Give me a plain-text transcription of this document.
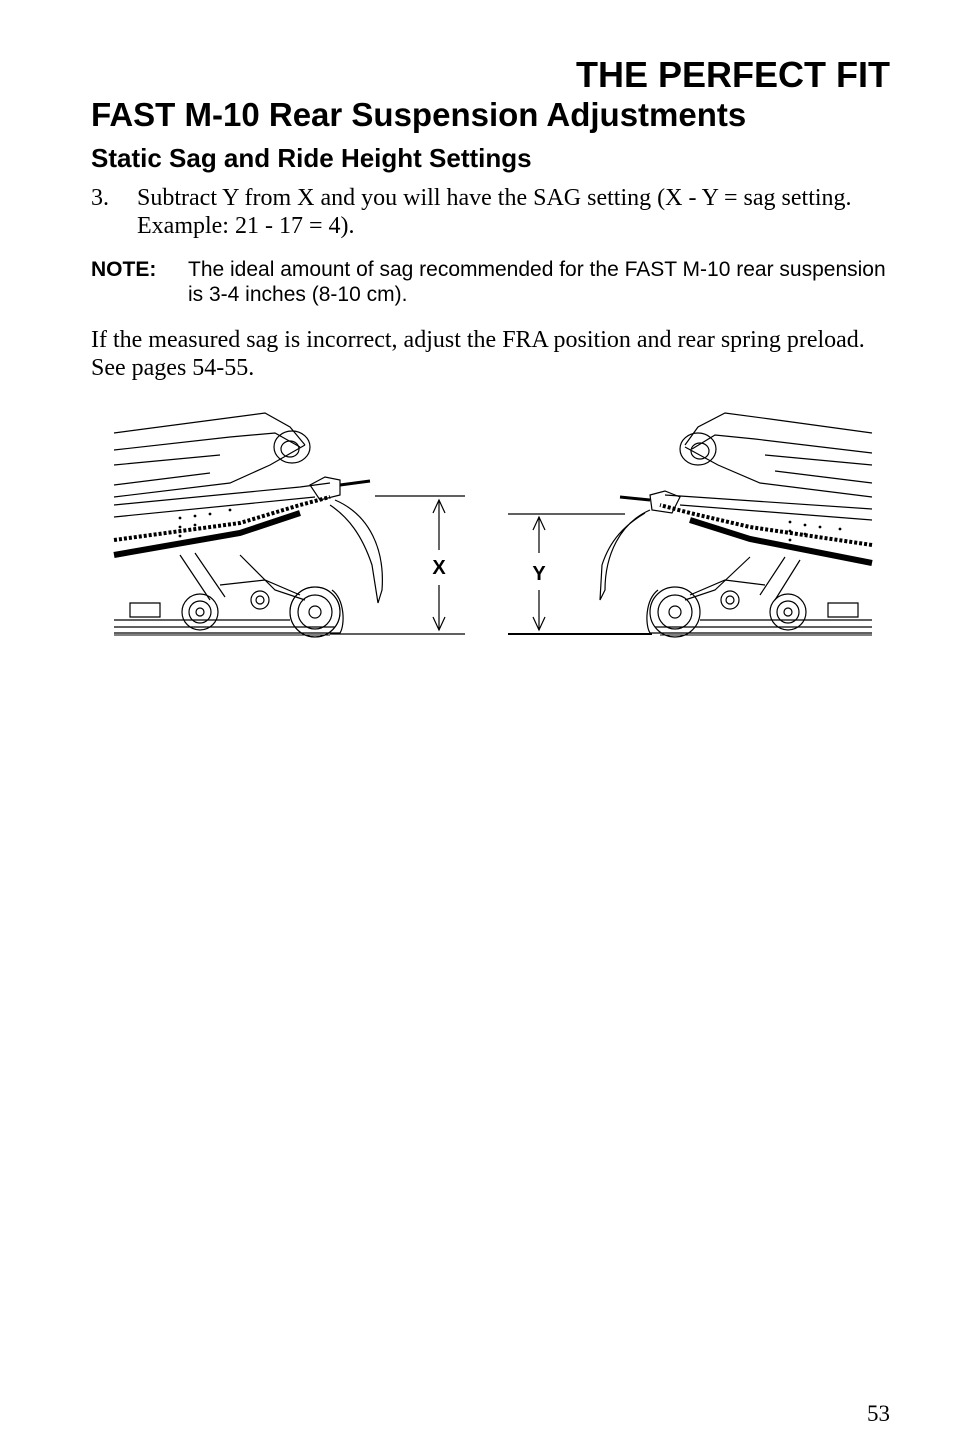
THE PERFECT FIT
FAST M-10 Rear Suspension Adjustments
Static Sag and Ride Height Settings
3. Subtract Y from X and you will have the SAG setting (X - Y = sag setting. Example: 21 - 17 = 4).
NOTE: The ideal amount of sag recommended for the FAST M-10 rear suspension is 3-4 inches (8-10 cm).
If the measured sag is incorrect, adjust the FRA position and rear spring preload. See pages 54-55.
X	Y
53
